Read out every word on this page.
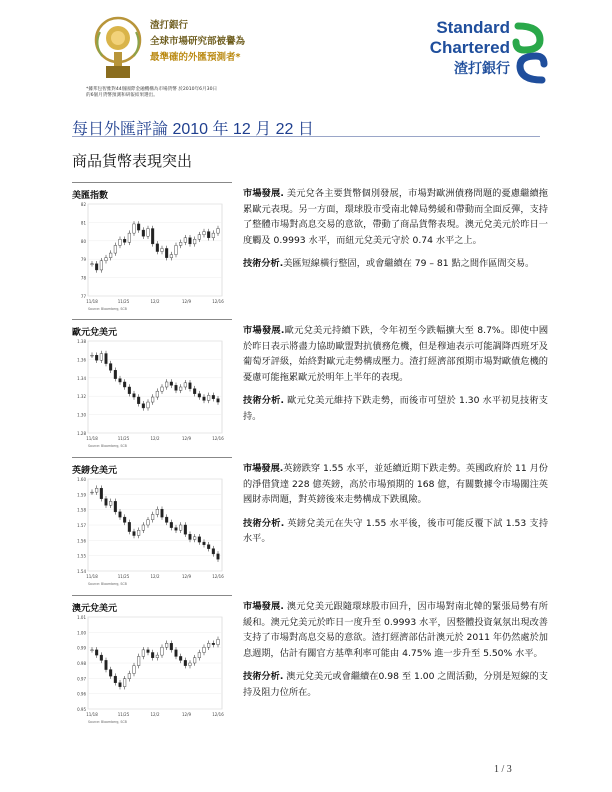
渣打銀行
全球市場研究部被譽為
最準確的外匯預測者*
*據邦包智雅對44個國際金融機構為市場貨幣 於2010年6月30日
的6個月貨幣預測和研報結果選出。
Standard
Chartered
渣打銀行
每日外匯評論 2010 年 12 月 22 日
商品貨幣表現突出
美匯指數
82
81
80
79
78
77
11/18	11/25	12/2	12/9	12/16
Source: Bloomberg, SCB

市場發展. 美元兌各主要貨幣個別發展，市場對歐洲債務問題的憂慮繼續拖累歐元表現。另一方面，環球股市受南北韓局勢緩和帶動而全面反彈，支持了整體市場對高息交易的意欲，帶動了商品貨幣表現。澳元兌美元於昨日一度觸及 0.9993 水平，而紐元兌美元守於 0.74 水平之上。

技術分析.美匯短線橫行整固，或會繼續在 79 – 81 點之間作區間交易。

歐元兌美元
1.38
1.36
1.34
1.32
1.30
1.28
11/18	11/25	12/2	12/9	12/16
Source: Bloomberg, SCB

市場發展.歐元兌美元持續下跌，令年初至今跌幅擴大至 8.7%。即使中國於昨日表示將盡力協助歐盟對抗債務危機，但是穆迪表示可能調降西班牙及葡萄牙評級，始終對歐元走勢構成壓力。渣打經濟部預期市場對歐債危機的憂慮可能拖累歐元於明年上半年的表現。

技術分析. 歐元兌美元維持下跌走勢，而後市可望於 1.30 水平初見技術支持。

英鎊兌美元
1.60
1.59
1.58
1.57
1.56
1.55
1.54
11/18	11/25	12/2	12/9	12/16
Source: Bloomberg, SCB

市場發展.英鎊跌穿 1.55 水平，並延續近期下跌走勢。英國政府於 11 月份的淨借貸達 228 億英鎊，高於市場預期的 168 億，有關數據令市場關注英國財赤問題，對英鎊後來走勢構成下跌風險。

技術分析. 英鎊兌美元在失守 1.55 水平後，後市可能反覆下試 1.53 支持水平。

澳元兌美元
1.01
1.00
0.99
0.98
0.97
0.96
0.95
11/18	11/25	12/2	12/9	12/16
Source: Bloomberg, SCB

市場發展. 澳元兌美元跟隨環球股市回升，因市場對南北韓的緊張局勢有所緩和。澳元兌美元於昨日一度升至 0.9993 水平，因整體投資氣氛出現改善支持了市場對高息交易的意欲。渣打經濟部估計澳元於 2011 年仍然處於加息週期，估計有關官方基準利率可能由 4.75% 進一步升至 5.50% 水平。

技術分析. 澳元兌美元或會繼續在0.98 至 1.00 之間活動，分別是短線的支持及阻力位所在。

1 / 3
